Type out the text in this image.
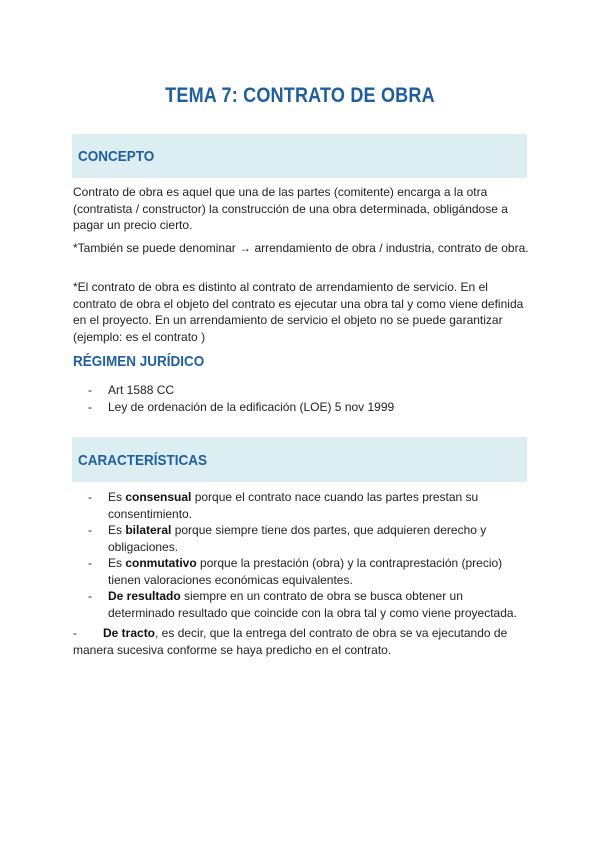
TEMA 7: CONTRATO DE OBRA
CONCEPTO

Contrato de obra es aquel que una de las partes (comitente) encarga a la otra (contratista / constructor) la construcción de una obra determinada, obligándose a pagar un precio cierto.

*También se puede denominar → arrendamiento de obra / industria, contrato de obra.

*El contrato de obra es distinto al contrato de arrendamiento de servicio. En el contrato de obra el objeto del contrato es ejecutar una obra tal y como viene definida en el proyecto. En un arrendamiento de servicio el objeto no se puede garantizar (ejemplo: es el contrato )

RÉGIMEN JURÍDICO
- Art 1588 CC
- Ley de ordenación de la edificación (LOE) 5 nov 1999
CARACTERÍSTICAS
- Es consensual porque el contrato nace cuando las partes prestan su consentimiento.
- Es bilateral porque siempre tiene dos partes, que adquieren derecho y obligaciones.
- Es conmutativo porque la prestación (obra) y la contraprestación (precio) tienen valoraciones económicas equivalentes.
- De resultado siempre en un contrato de obra se busca obtener un determinado resultado que coincide con la obra tal y como viene proyectada.

- De tracto, es decir, que la entrega del contrato de obra se va ejecutando de manera sucesiva conforme se haya predicho en el contrato.
